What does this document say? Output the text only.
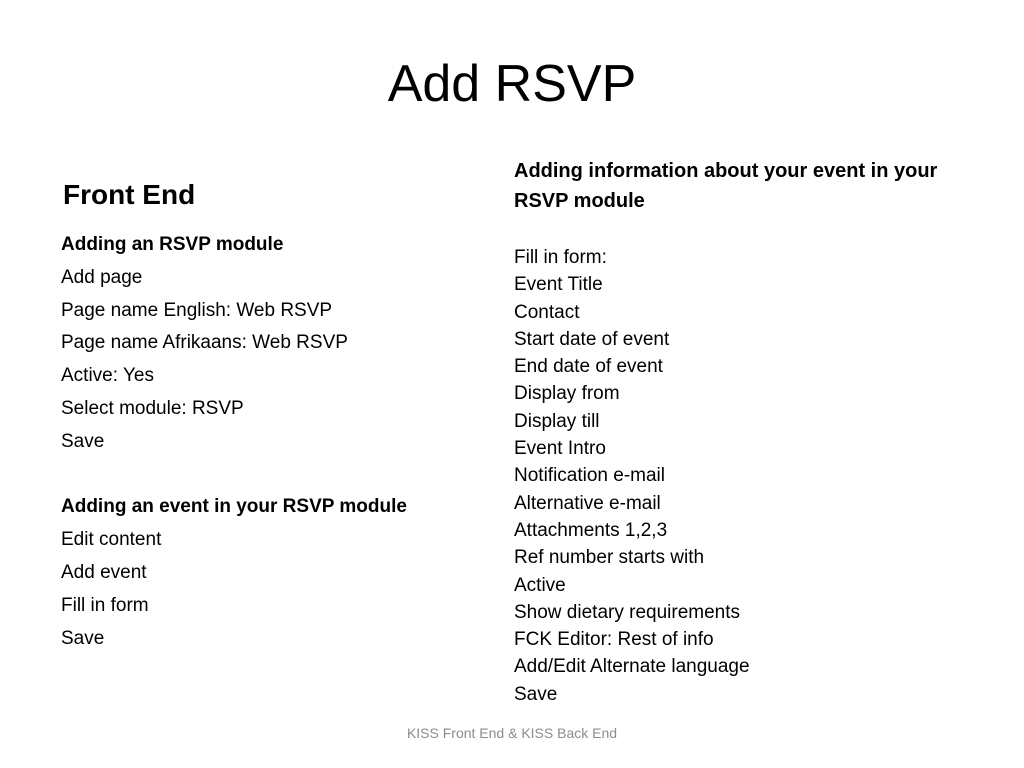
Add RSVP
Front End
Adding an RSVP module
Add page
Page name English: Web RSVP
Page name Afrikaans: Web RSVP
Active: Yes
Select module: RSVP
Save
Adding an event in your RSVP module
Edit content
Add event
Fill in form
Save
Adding information about your event in your RSVP module
Fill in form:
Event Title
Contact
Start date of event
End date of event
Display from
Display till
Event Intro
Notification e-mail
Alternative e-mail
Attachments 1,2,3
Ref number starts with
Active
Show dietary requirements
FCK Editor: Rest of info
Add/Edit Alternate language
Save
KISS Front End & KISS Back End
